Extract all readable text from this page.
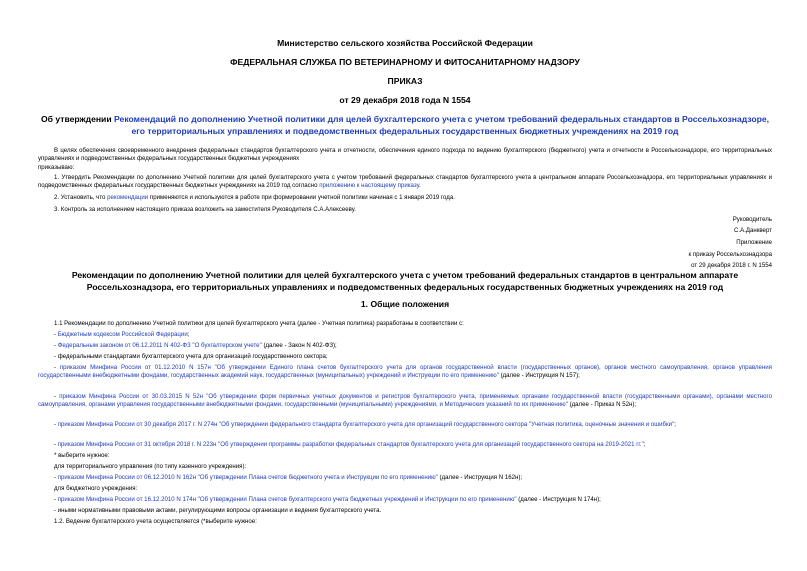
Министерство сельского хозяйства Российской Федерации
ФЕДЕРАЛЬНАЯ СЛУЖБА ПО ВЕТЕРИНАРНОМУ И ФИТОСАНИТАРНОМУ НАДЗОРУ
ПРИКАЗ
от 29 декабря 2018 года N 1554
Об утверждении Рекомендаций по дополнению Учетной политики для целей бухгалтерского учета с учетом требований федеральных стандартов в Россельхознадзоре, его территориальных управлениях и подведомственных федеральных государственных бюджетных учреждениях на 2019 год
В целях обеспечения своевременного внедрения федеральных стандартов бухгалтерского учета и отчетности, обеспечения единого подхода по ведению бухгалтерского (бюджетного) учета и отчетности в Россельхознадзоре, его территориальных управлениях и подведомственных федеральных государственных бюджетных учреждениях
приказываю:
1. Утвердить Рекомендации по дополнению Учетной политики для целей бухгалтерского учета с учетом требований федеральных стандартов бухгалтерского учета в центральном аппарате Россельхознадзора, его территориальных управлениях и подведомственных федеральных государственных бюджетных учреждениях на 2019 год согласно приложению к настоящему приказу.
2. Установить, что рекомендации применяются и используются в работе при формировании учетной политики начиная с 1 января 2019 года.
3. Контроль за исполнением настоящего приказа возложить на заместителя Руководителя С.А.Алексееву.
Руководитель
С.А.Данкверт
Приложение
к приказу Россельхознадзора
от 29 декабря 2018 г. N 1554
Рекомендации по дополнению Учетной политики для целей бухгалтерского учета с учетом требований федеральных стандартов в центральном аппарате Россельхознадзора, его территориальных управлениях и подведомственных федеральных государственных бюджетных учреждениях на 2019 год
1. Общие положения
1.1 Рекомендации по дополнению Учетной политики для целей бухгалтерского учета (далее - Учетная политика) разработаны в соответствии с:
- Бюджетным кодексом Российской Федерации;
- Федеральным законом от 06.12.2011 N 402-ФЗ "О бухгалтерском учете" (далее - Закон N 402-ФЗ);
- федеральными стандартами бухгалтерского учета для организаций государственного сектора;
- приказом Минфина России от 01.12.2010 N 157н "Об утверждении Единого плана счетов бухгалтерского учета для органов государственной власти (государственных органов), органов местного самоуправления, органов управления государственными внебюджетными фондами, государственных академий наук, государственных (муниципальных) учреждений и Инструкции по его применению" (далее - Инструкция N 157);
- приказом Минфина России от 30.03.2015 N 52н "Об утверждении форм первичных учетных документов и регистров бухгалтерского учета, применяемых органами государственной власти (государственными органами), органами местного самоуправления, органами управления государственными внебюджетными фондами, государственными (муниципальными) учреждениями, и Методических указаний по их применению" (далее - Приказ N 52н);
- приказом Минфина России от 30 декабря 2017 г. N 274н "Об утверждении федерального стандарта бухгалтерского учета для организаций государственного сектора "Учетная политика, оценочные значения и ошибки";
- приказом Минфина России от 31 октября 2018 г. N 223н "Об утверждении программы разработки федеральных стандартов бухгалтерского учета для организаций государственного сектора на 2019-2021 гг.";
* выберите нужное:
для территориального управления (по типу казенного учреждения):
- приказом Минфина России от 06.12.2010 N 162н "Об утверждении Плана счетов бюджетного учета и Инструкции по его применению" (далее - Инструкция N 162н);
для бюджетного учреждения:
- приказом Минфина России от 16.12.2010 N 174н "Об утверждении Плана счетов бухгалтерского учета бюджетных учреждений и Инструкции по его применению" (далее - Инструкция N 174н);
- иными нормативными правовыми актами, регулирующими вопросы организации и ведения бухгалтерского учета.
1.2. Ведение бухгалтерского учета осуществляется (*выберите нужное:
